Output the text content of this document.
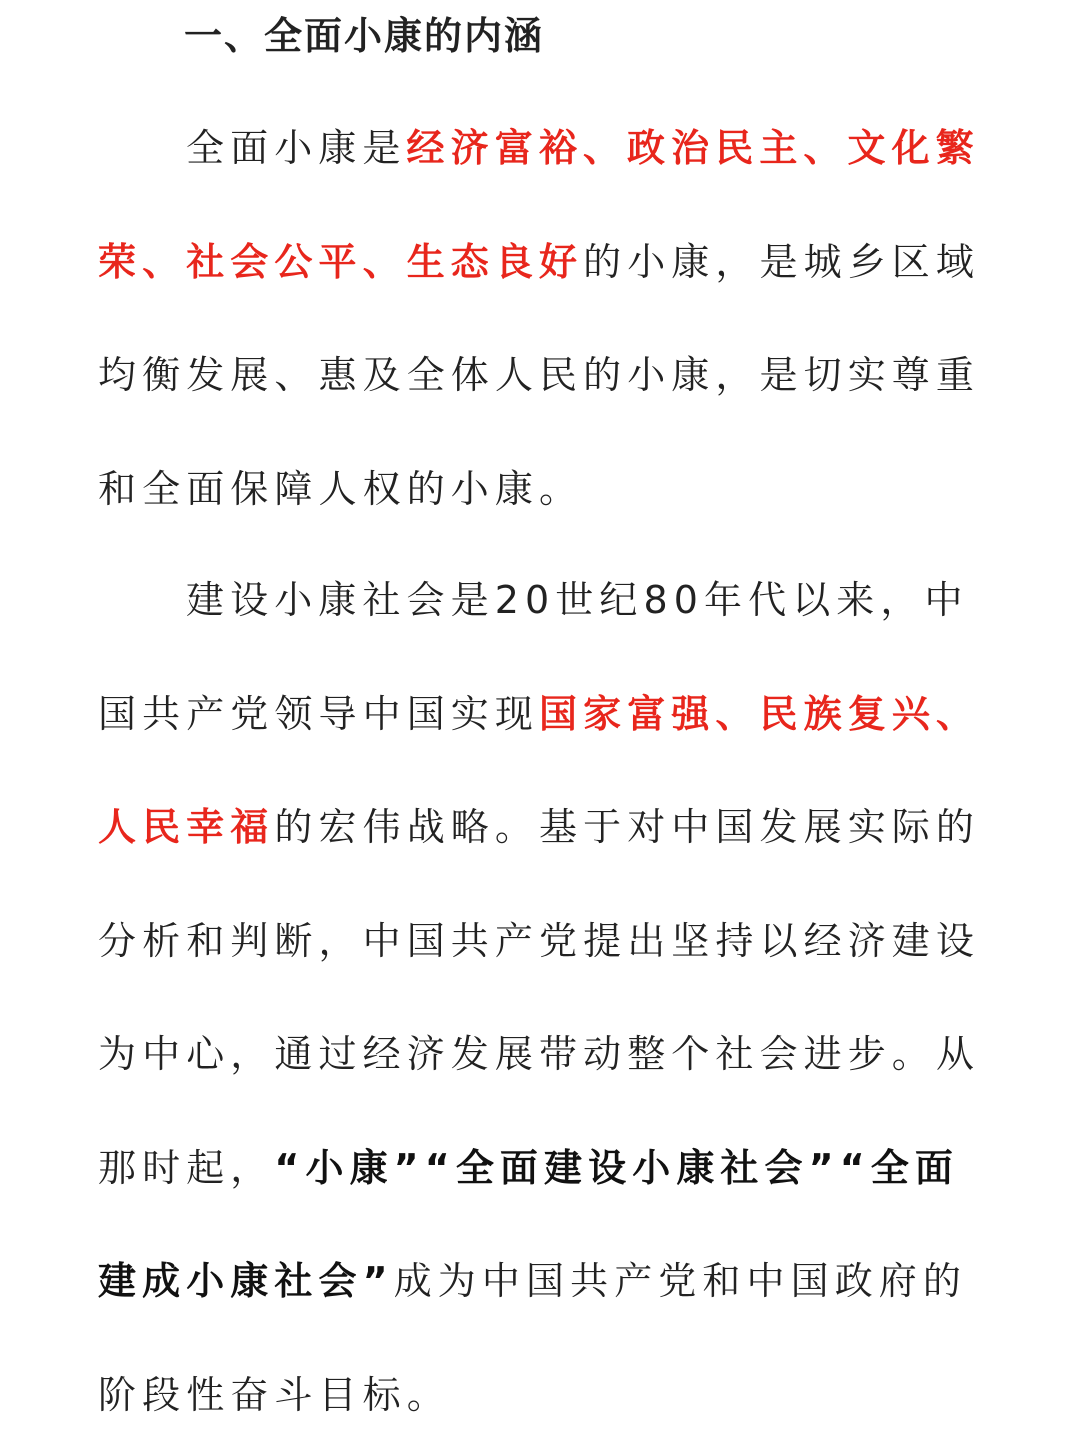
一、全面小康的内涵

全面小康是经济富裕、政治民主、文化繁荣、社会公平、生态良好的小康，是城乡区域均衡发展、惠及全体人民的小康，是切实尊重和全面保障人权的小康。

建设小康社会是20世纪80年代以来，中国共产党领导中国实现国家富强、民族复兴、人民幸福的宏伟战略。基于对中国发展实际的分析和判断，中国共产党提出坚持以经济建设为中心，通过经济发展带动整个社会进步。从那时起，“小康”“全面建设小康社会”“全面建成小康社会”成为中国共产党和中国政府的阶段性奋斗目标。
